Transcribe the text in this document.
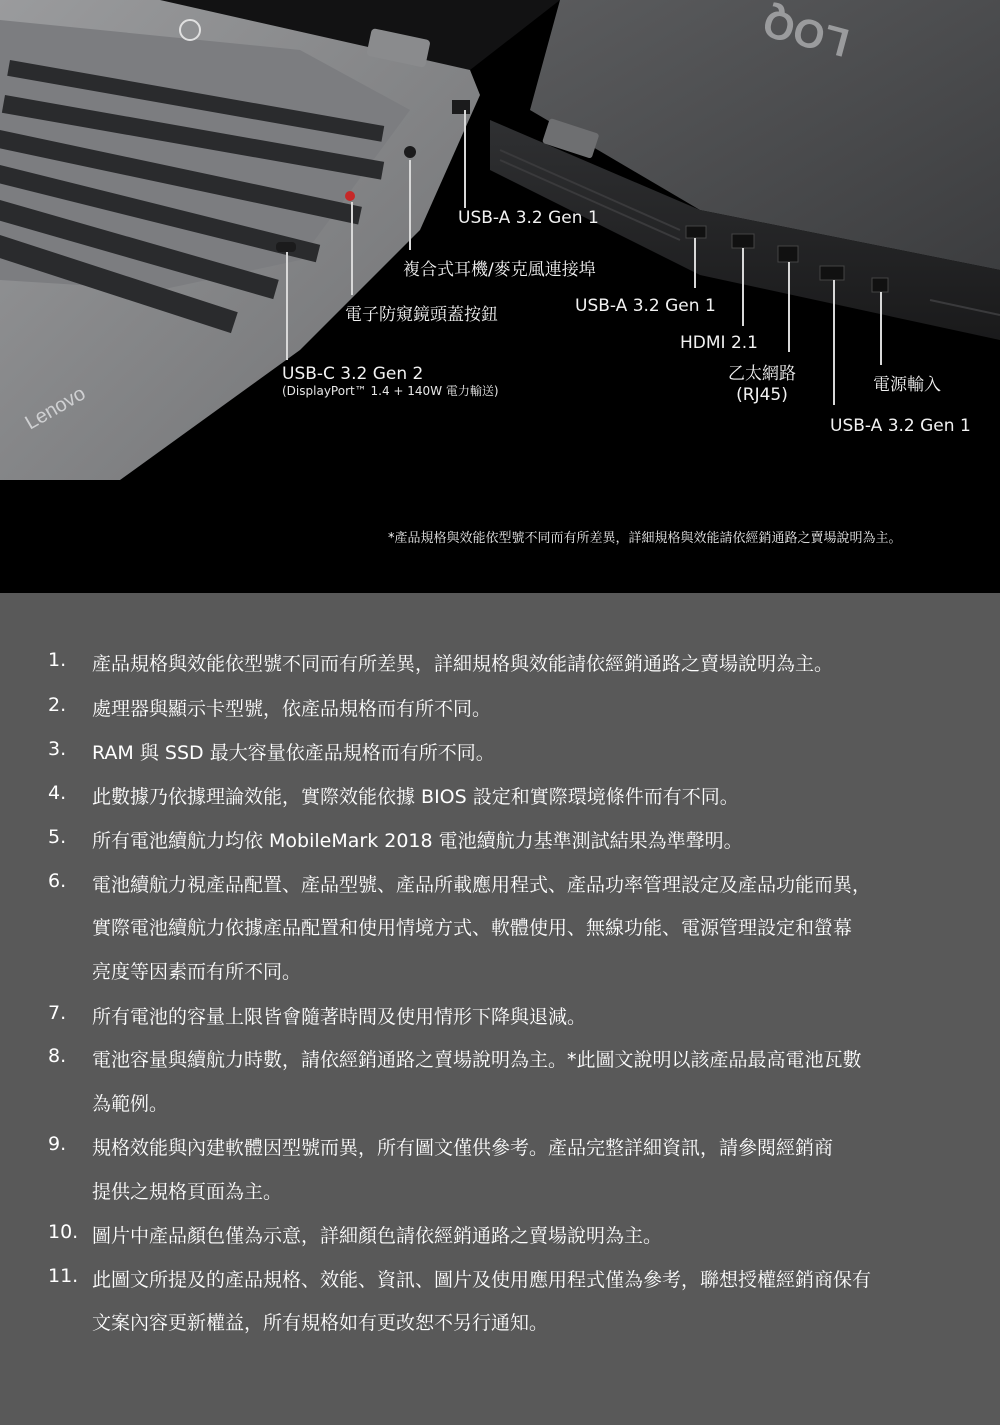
LOQ
Lenovo
USB-A 3.2 Gen 1
複合式耳機/麥克風連接埠
電子防窺鏡頭蓋按鈕	USB-A 3.2 Gen 1
HDMI 2.1
USB-C 3.2 Gen 2
(DisplayPort™ 1.4 + 140W 電力輸送)
乙太網路
(RJ45)	電源輸入
USB-A 3.2 Gen 1
*產品規格與效能依型號不同而有所差異，詳細規格與效能請依經銷通路之賣場說明為主。
1.	產品規格與效能依型號不同而有所差異，詳細規格與效能請依經銷通路之賣場說明為主。
2.	處理器與顯示卡型號，依產品規格而有所不同。
3.	RAM 與 SSD 最大容量依產品規格而有所不同。
4.	此數據乃依據理論效能，實際效能依據 BIOS 設定和實際環境條件而有不同。
5.	所有電池續航力均依 MobileMark 2018 電池續航力基準測試結果為準聲明。
6.	電池續航力視產品配置、產品型號、產品所載應用程式、產品功率管理設定及產品功能而異，
實際電池續航力依據產品配置和使用情境方式、軟體使用、無線功能、電源管理設定和螢幕
亮度等因素而有所不同。
7.	所有電池的容量上限皆會隨著時間及使用情形下降與退減。
8.	電池容量與續航力時數，請依經銷通路之賣場說明為主。*此圖文說明以該產品最高電池瓦數
為範例。
9.	規格效能與內建軟體因型號而異，所有圖文僅供參考。產品完整詳細資訊，請參閱經銷商
提供之規格頁面為主。
10. 圖片中產品顏色僅為示意，詳細顏色請依經銷通路之賣場說明為主。
11. 此圖文所提及的產品規格、效能、資訊、圖片及使用應用程式僅為參考，聯想授權經銷商保有
文案內容更新權益，所有規格如有更改恕不另行通知。
